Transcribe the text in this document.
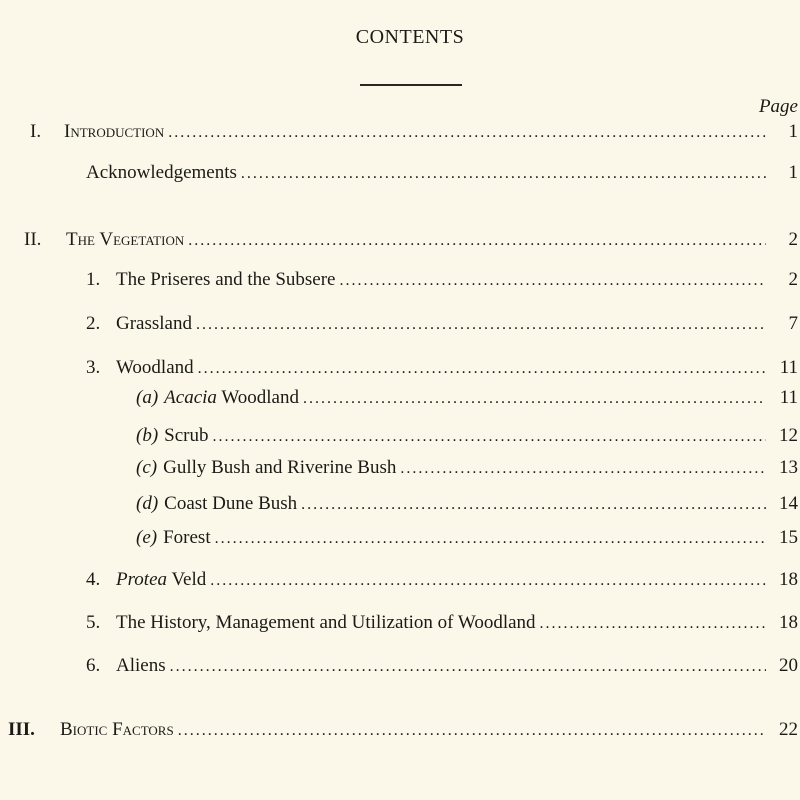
CONTENTS
Page
I.	Introduction .....	1
Acknowledgements .....	1
II.	The Vegetation .....	2
1. The Priseres and the Subsere .....	2
2. Grassland .....	7
3. Woodland .....	11
(a) Acacia Woodland .....	11
(b) Scrub .....	12
(c) Gully Bush and Riverine Bush .....	13
(d) Coast Dune Bush .....	14
(e) Forest .....	15
4. Protea Veld .....	18
5. The History, Management and Utilization of Woodland .....	18
6. Aliens .....	20
III.	Biotic Factors .....	22
